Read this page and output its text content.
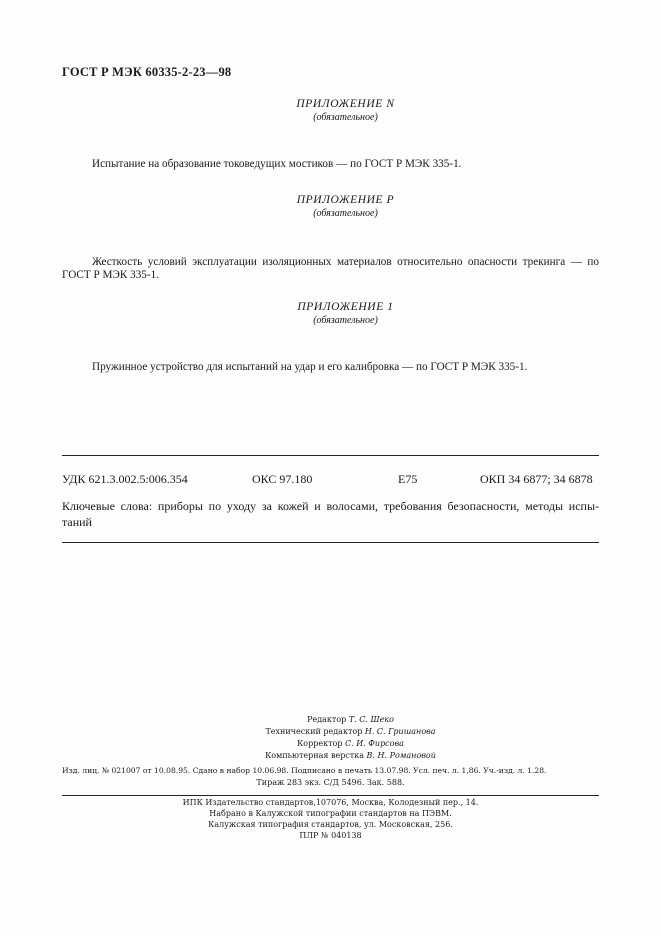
ГОСТ Р МЭК 60335-2-23—98
ПРИЛОЖЕНИЕ N
(обязательное)
Испытание на образование токоведущих мостиков — по ГОСТ Р МЭК 335-1.
ПРИЛОЖЕНИЕ Р
(обязательное)
Жесткость условий эксплуатации изоляционных материалов относительно опасности трекинга — по
ГОСТ Р МЭК 335-1.
ПРИЛОЖЕНИЕ 1
(обязательное)
Пружинное устройство для испытаний на удар и его калибровка — по ГОСТ Р МЭК 335-1.
УДК 621.3.002.5:006.354	ОКС 97.180	Е75	ОКП 34 6877; 34 6878
Ключевые слова: приборы по уходу за кожей и волосами, требования безопасности, методы испы-
таний
Редактор Т. С. Шеко
Технический редактор Н. С. Гришанова
Корректор С. И. Фирсова
Компьютерная верстка В. Н. Романовой
Изд. лиц. № 021007 от 10.08.95. Сдано в набор 10.06.98. Подписано в печать 13.07.98. Усл. печ. л. 1,86. Уч.-изд. л. 1.28.
Тираж 283 экз. С/Д 5496. Зак. 588.
ИПК Издательство стандартов,107076, Москва, Колодезный пер., 14.
Набрано в Калужской типографии стандартов на ПЭВМ.
Калужская типография стандартов, ул. Московская, 256.
ПЛР № 040138
